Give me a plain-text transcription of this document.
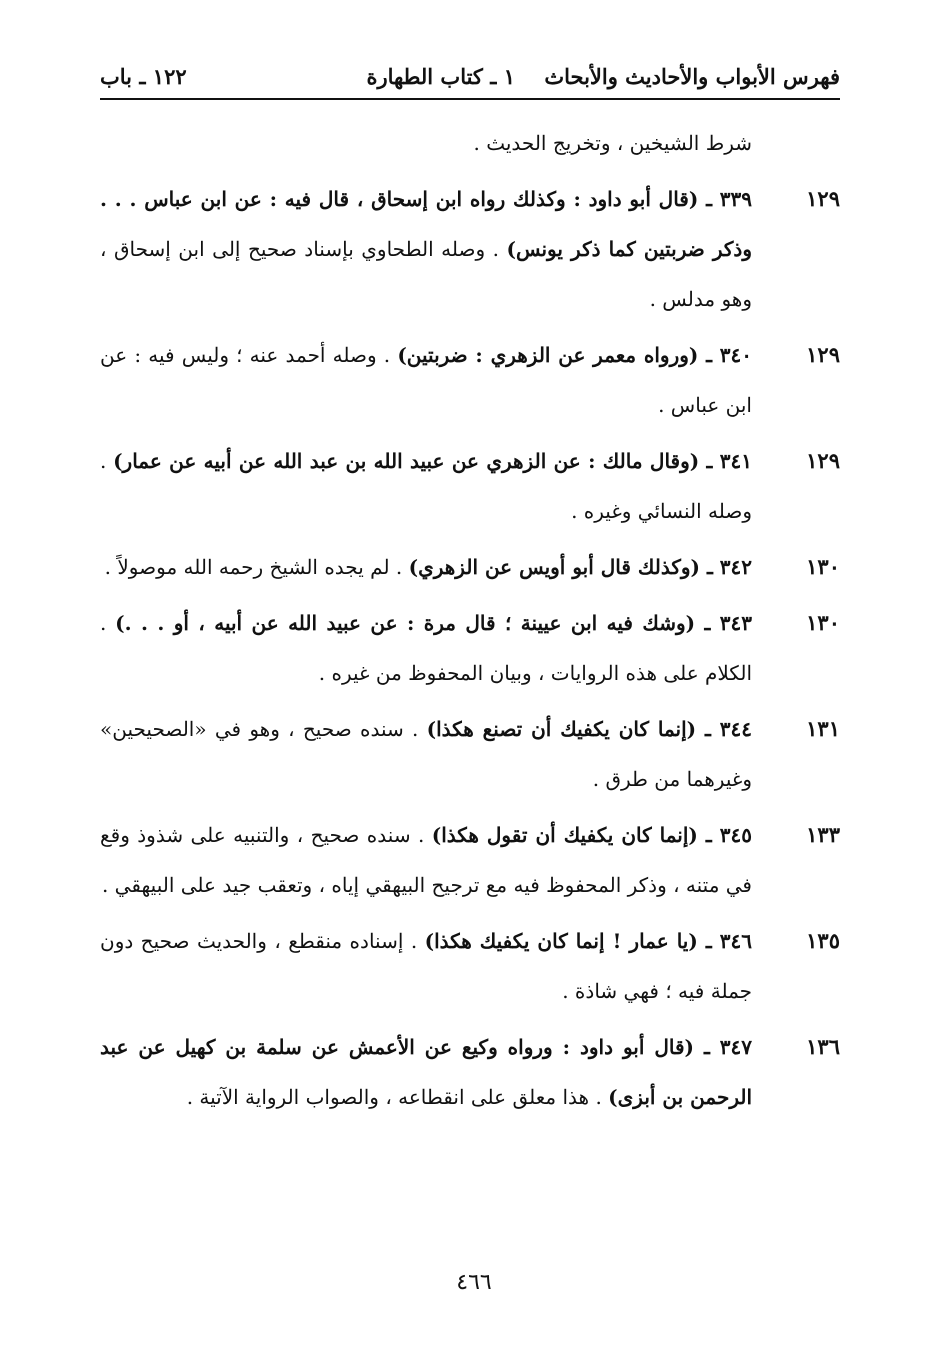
فهرس الأبواب والأحاديث والأبحاث
١ ـ كتاب الطهارة
١٢٢ ـ باب
شرط الشيخين ، وتخريج الحديث .
١٢٩
٣٣٩ ـ (قال أبو داود : وكذلك رواه ابن إسحاق ، قال فيه : عن ابن عباس . . . وذكر ضربتين كما ذكر يونس) . وصله الطحاوي بإسناد صحيح إلى ابن إسحاق ، وهو مدلس .
١٢٩
٣٤٠ ـ (ورواه معمر عن الزهري : ضربتين) . وصله أحمد عنه ؛ وليس فيه : عن ابن عباس .
١٢٩
٣٤١ ـ (وقال مالك : عن الزهري عن عبيد الله بن عبد الله عن أبيه عن عمار) . وصله النسائي وغيره .
١٣٠
٣٤٢ ـ (وكذلك قال أبو أويس عن الزهري) . لم يجده الشيخ رحمه الله موصولاً .
١٣٠
٣٤٣ ـ (وشك فيه ابن عيينة ؛ قال مرة : عن عبيد الله عن أبيه ، أو . . .) . الكلام على هذه الروايات ، وبيان المحفوظ من غيره .
١٣١
٣٤٤ ـ (إنما كان يكفيك أن تصنع هكذا) . سنده صحيح ، وهو في «الصحيحين» وغيرهما من طرق .
١٣٣
٣٤٥ ـ (إنما كان يكفيك أن تقول هكذا) . سنده صحيح ، والتنبيه على شذوذ وقع في متنه ، وذكر المحفوظ فيه مع ترجيح البيهقي إياه ، وتعقب جيد على البيهقي .
١٣٥
٣٤٦ ـ (يا عمار ! إنما كان يكفيك هكذا) . إسناده منقطع ، والحديث صحيح دون جملة فيه ؛ فهي شاذة .
١٣٦
٣٤٧ ـ (قال أبو داود : ورواه وكيع عن الأعمش عن سلمة بن كهيل عن عبد الرحمن بن أبزى) . هذا معلق على انقطاعه ، والصواب الرواية الآتية .
٤٦٦
